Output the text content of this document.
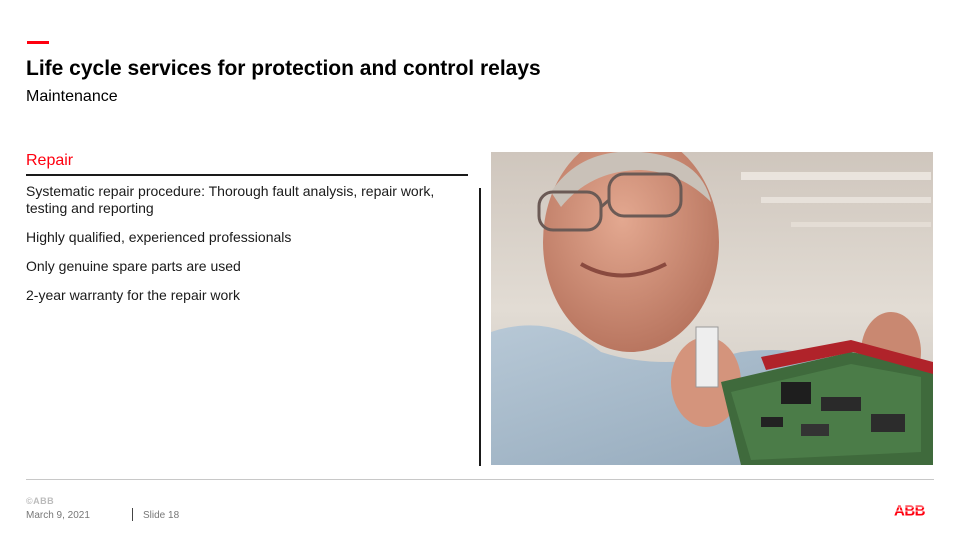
Life cycle services for protection and control relays
Maintenance
Repair

Systematic repair procedure: Thorough fault analysis, repair work, testing and reporting

Highly qualified, experienced professionals

Only genuine spare parts are used

2-year warranty for the repair work

©ABB
March 9, 2021	Slide 18	ABB
